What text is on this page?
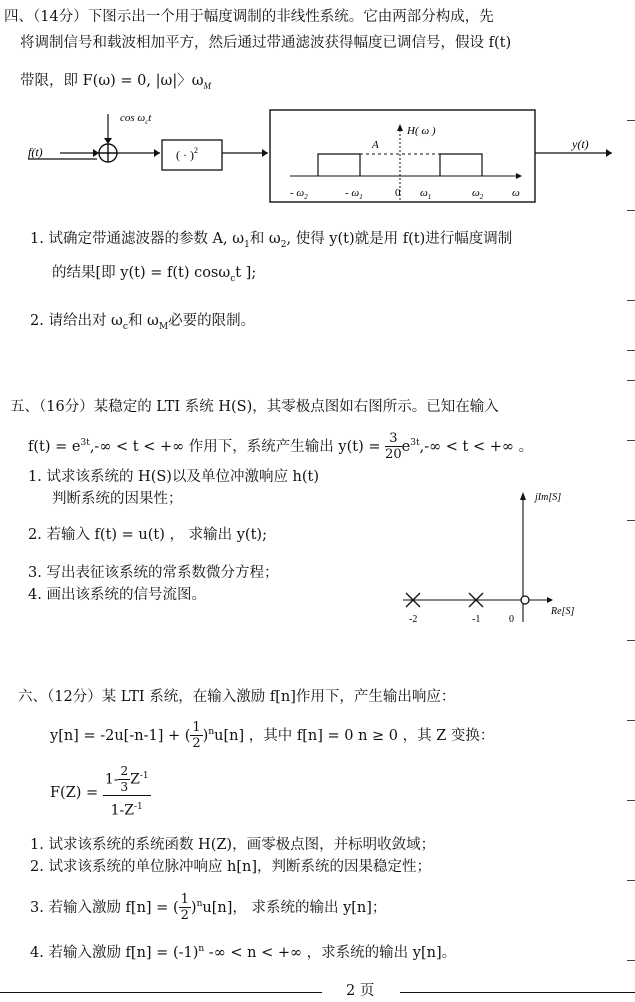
四、（14分）下图示出一个用于幅度调制的非线性系统。它由两部分构成，先
将调制信号和载波相加平方，然后通过带通滤波获得幅度已调信号，假设 f(t)
带限，即 F(ω) = 0, |ω|〉$\omega_M$
$\cos \omega_ct$
f(t)	( · )$^2$
H( ω )
A
- $\omega_2$	- $\omega_1$	0 $\omega_1$	$\omega_2$	ω
y(t)
1. 试确定带通滤波器的参数 A, $\omega_1$和 $\omega_2$, 使得 y(t)就是用 f(t)进行幅度调制
的结果[即 y(t) = f(t) cosω$_c$t ];
2. 请给出对 $\omega_c$和 $\omega_M$必要的限制。
五、（16分）某稳定的 LTI 系统 H(S)，其零极点图如右图所示。已知在输入
$f(t) = e^{3t},-\infty < t$ < +∞ 作用下，系统产生输出 $y(t) = \frac{3}{20} e^{3t},-\infty < t$ < +∞ 。
1. 试求该系统的 H(S)以及单位冲激响应 h(t)
判断系统的因果性；
2. 若输入 f(t) = u(t) ， 求输出 y(t);
3. 写出表征该系统的常系数微分方程；
4. 画出该系统的信号流图。
jIm[S]
Re[S]
-2	-1	0
六、（12分）某 LTI 系统，在输入激励 f[n]作用下，产生输出响应：
y[n] = -2u[-n-1] + ( $\frac{1}{2} )^nu[n]$ ，其中 f[n] = 0 n ≥ 0 ，其 Z 变换：
$F(Z) = \frac{1- \frac{2}{3} Z^{-1}}{1-Z^{-1}}$
1. 试求该系统的系统函数 H(Z)，画零极点图，并标明收敛域；
2. 试求该系统的单位脉冲响应 h[n]，判断系统的因果稳定性；
3. 若输入激励 f[n] = ( $\frac{1}{2} )^nu[n]$， 求系统的输出 y[n]；
4. 若输入激励 $f[n] = (-1)^n$ -∞ < n < +∞ ，求系统的输出 y[n]。
2 页
